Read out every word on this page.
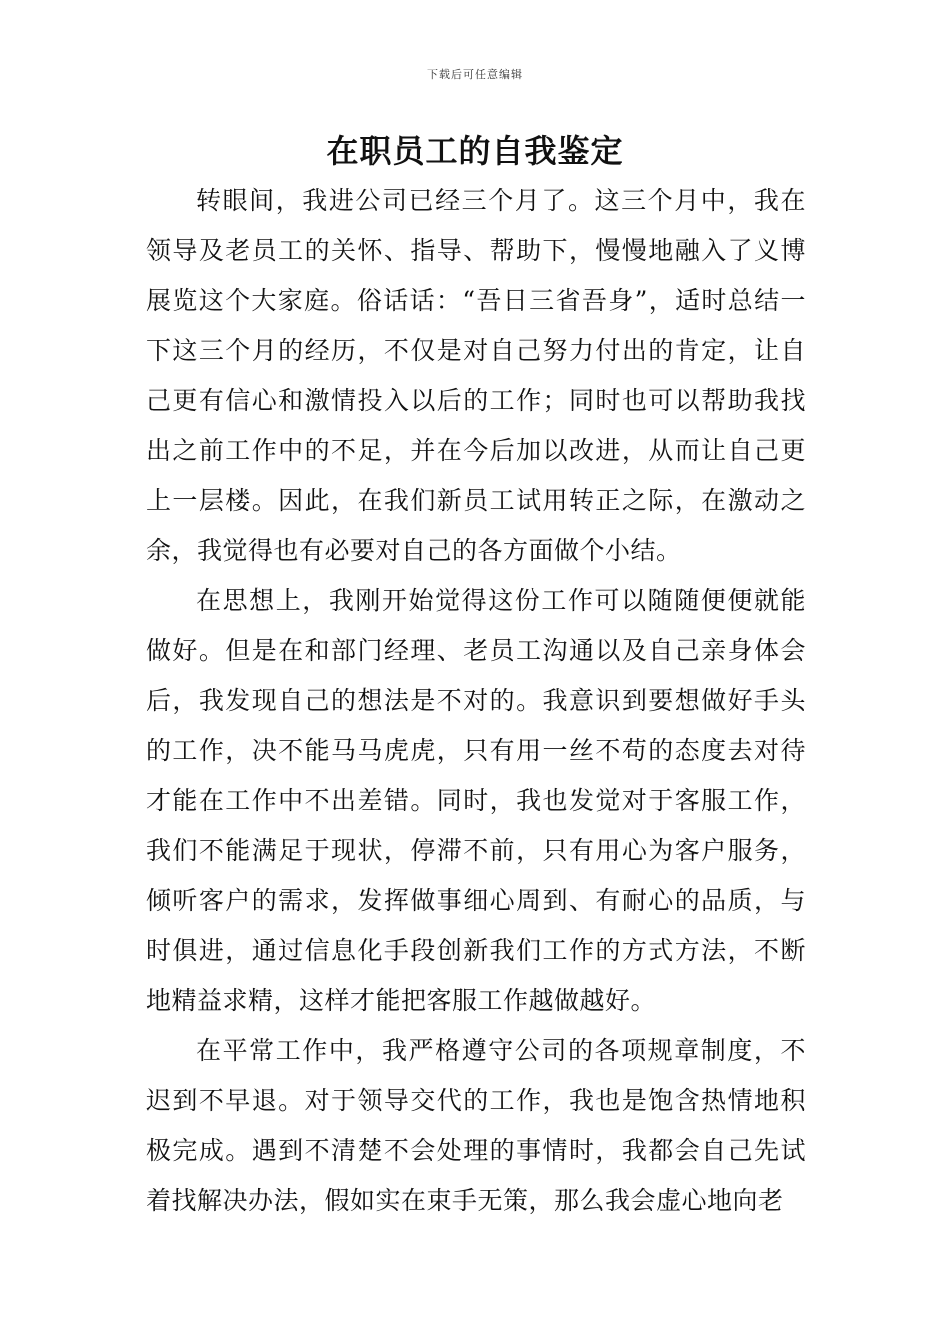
下载后可任意编辑
在职员工的自我鉴定

转眼间，我进公司已经三个月了。这三个月中，我在领导及老员工的关怀、指导、帮助下，慢慢地融入了义博展览这个大家庭。俗话话：“吾日三省吾身”，适时总结一下这三个月的经历，不仅是对自己努力付出的肯定，让自己更有信心和激情投入以后的工作；同时也可以帮助我找出之前工作中的不足，并在今后加以改进，从而让自己更上一层楼。因此，在我们新员工试用转正之际，在激动之余，我觉得也有必要对自己的各方面做个小结。

在思想上，我刚开始觉得这份工作可以随随便便就能做好。但是在和部门经理、老员工沟通以及自己亲身体会后，我发现自己的想法是不对的。我意识到要想做好手头的工作，决不能马马虎虎，只有用一丝不苟的态度去对待才能在工作中不出差错。同时，我也发觉对于客服工作，我们不能满足于现状，停滞不前，只有用心为客户服务，倾听客户的需求，发挥做事细心周到、有耐心的品质，与时俱进，通过信息化手段创新我们工作的方式方法，不断地精益求精，这样才能把客服工作越做越好。

在平常工作中，我严格遵守公司的各项规章制度，不迟到不早退。对于领导交代的工作，我也是饱含热情地积极完成。遇到不清楚不会处理的事情时，我都会自己先试着找解决办法，假如实在束手无策，那么我会虚心地向老
